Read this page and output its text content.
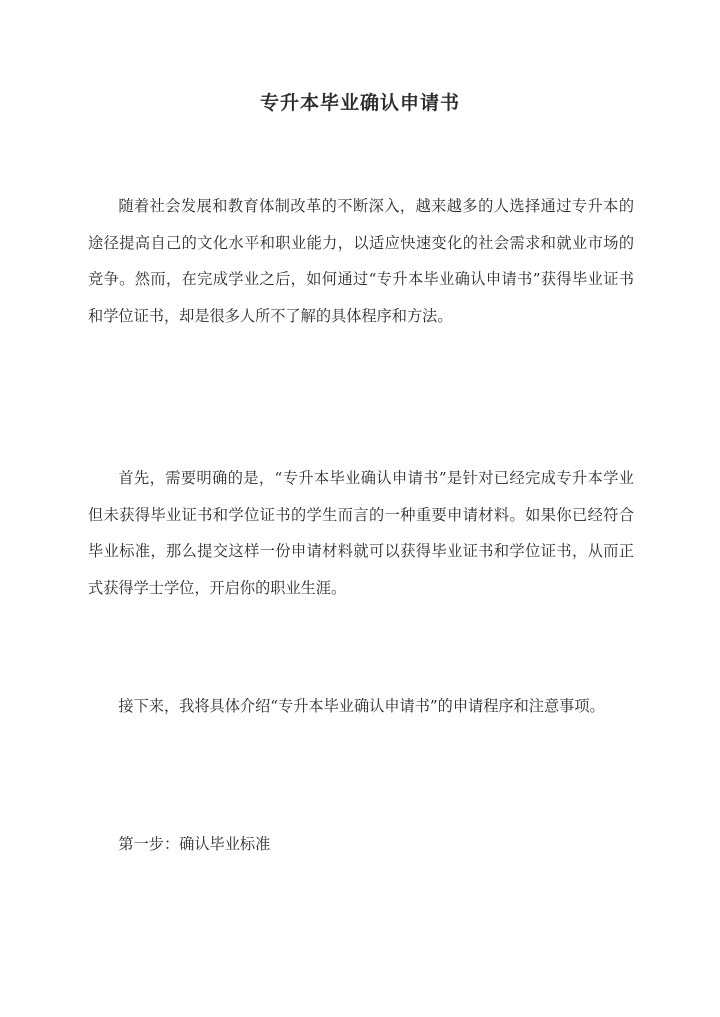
专升本毕业确认申请书

随着社会发展和教育体制改革的不断深入，越来越多的人选择通过专升本的途径提高自己的文化水平和职业能力，以适应快速变化的社会需求和就业市场的竞争。然而，在完成学业之后，如何通过“专升本毕业确认申请书”获得毕业证书和学位证书，却是很多人所不了解的具体程序和方法。

首先，需要明确的是，“专升本毕业确认申请书”是针对已经完成专升本学业但未获得毕业证书和学位证书的学生而言的一种重要申请材料。如果你已经符合毕业标准，那么提交这样一份申请材料就可以获得毕业证书和学位证书，从而正式获得学士学位，开启你的职业生涯。

接下来，我将具体介绍“专升本毕业确认申请书”的申请程序和注意事项。

第一步：确认毕业标准
